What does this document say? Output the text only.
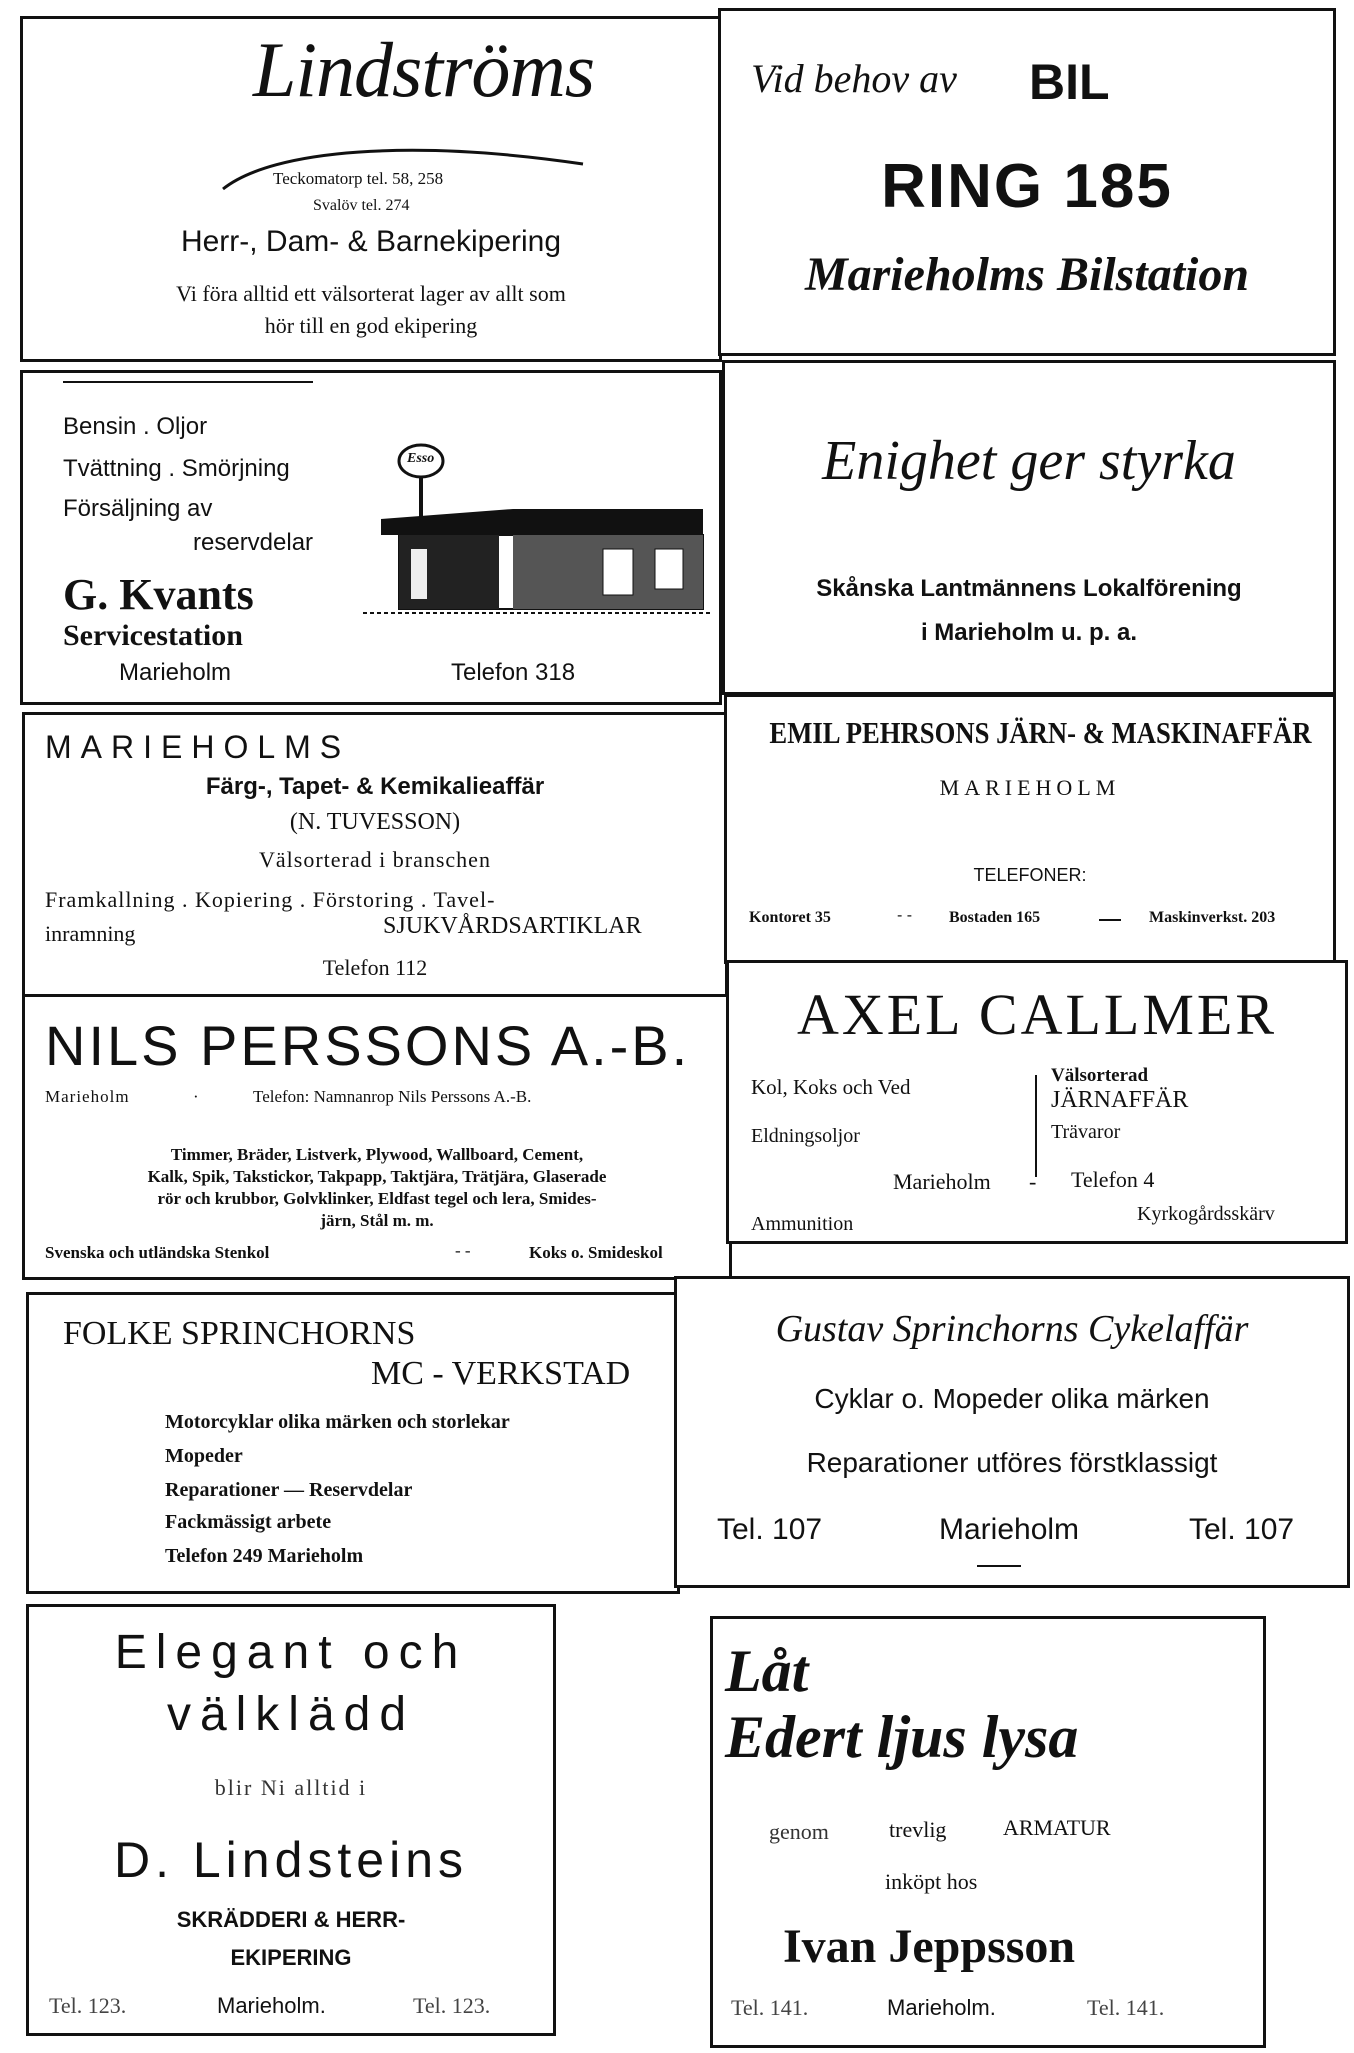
Lindströms
Teckomatorp tel. 58, 258
Svalöv tel. 274
Herr-, Dam- & Barnekipering
Vi föra alltid ett välsorterat lager av allt som
hör till en god ekipering
Vid behov av BIL
RING 185
Marieholms Bilstation
Bensin . Oljor
Tvättning . Smörjning
Försäljning av
reservdelar
G. Kvants
Servicestation
Marieholm	Telefon 318
Esso	Enighet ger styrka
Skånska Lantmännens Lokalförening
i Marieholm u. p. a.
MARIEHOLMS
Färg-, Tapet- & Kemikalieaffär
(N. TUVESSON)
Välsorterad i branschen
Framkallning . Kopiering . Förstoring . Tavel-
inramning	SJUKVÅRDSARTIKLAR
Telefon 112
EMIL PEHRSONS JÄRN- & MASKINAFFÄR
MARIEHOLM
TELEFONER:
Kontoret 35	- - Bostaden 165	Maskinverkst. 203
NILS PERSSONS A.-B.
Marieholm	·	Telefon: Namnanrop Nils Perssons A.-B.
Timmer, Bräder, Listverk, Plywood, Wallboard, Cement,
Kalk, Spik, Takstickor, Takpapp, Taktjära, Trätjära, Glaserade
rör och krubbor, Golvklinker, Eldfast tegel och lera, Smides-
järn, Stål m. m.
Svenska och utländska Stenkol	- -	Koks o. Smideskol
AXEL CALLMER
Kol, Koks och Ved
Eldningsoljor
Välsorterad
JÄRNAFFÄR
Trävaror
Marieholm - Telefon 4
Ammunition	Kyrkogårdsskärv
FOLKE SPRINCHORNS
MC - VERKSTAD
Motorcyklar olika märken och storlekar
Mopeder
Reparationer — Reservdelar
Fackmässigt arbete
Telefon 249 Marieholm
Gustav Sprinchorns Cykelaffär
Cyklar o. Mopeder olika märken
Reparationer utföres förstklassigt
Tel. 107	Marieholm	Tel. 107
Elegant och
välklädd
blir Ni alltid i
D. Lindsteins
SKRÄDDERI & HERR-
EKIPERING
Tel. 123.	Marieholm.	Tel. 123.
Låt
Edert ljus lysa
genom	trevlig	ARMATUR
inköpt hos
Ivan Jeppsson
Tel. 141.	Marieholm.	Tel. 141.
